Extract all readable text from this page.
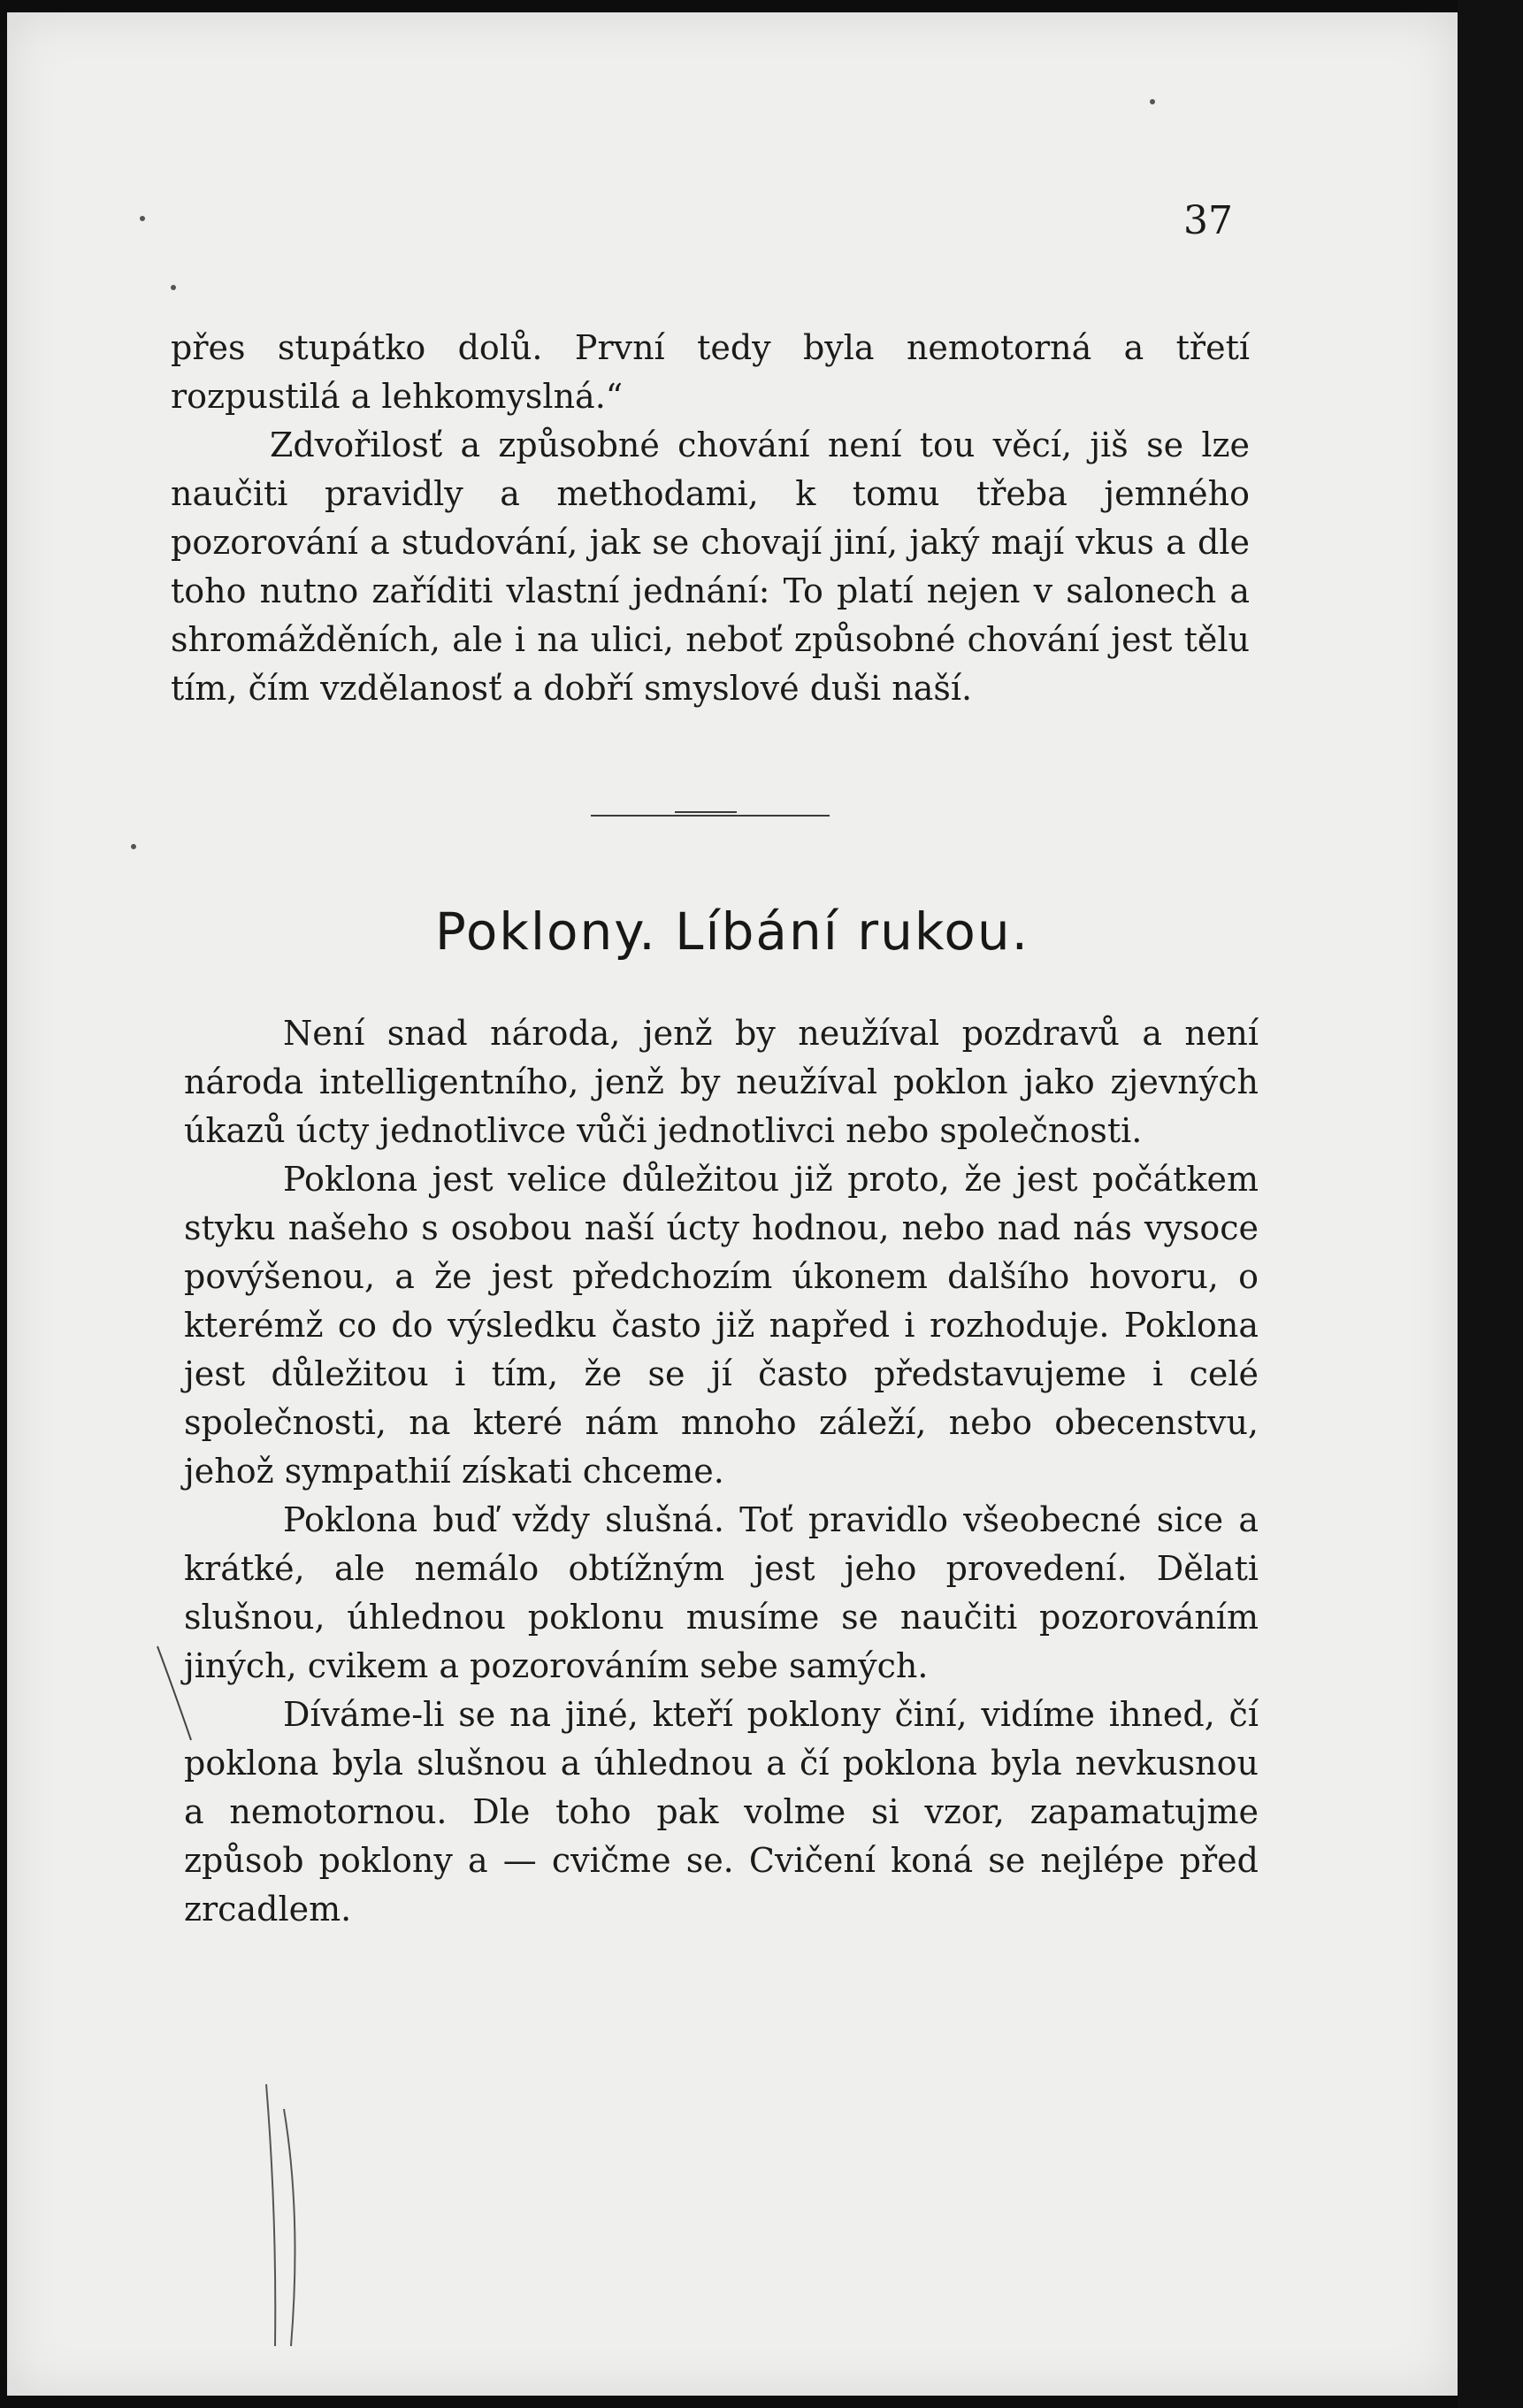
37

přes stupátko dolů. První tedy byla nemotorná a třetí rozpustilá a lehkomyslná.“

Zdvořilosť a způsobné chování není tou věcí, jiš se lze naučiti pravidly a methodami, k tomu třeba jemného pozorování a studování, jak se chovají jiní, jaký mají vkus a dle toho nutno zaříditi vlastní jednání: To platí nejen v salonech a shromážděních, ale i na ulici, neboť způsobné chování jest tělu tím, čím vzdělanosť a dobří smyslové duši naší.

Poklony. Líbání rukou.

Není snad národa, jenž by neužíval pozdravů a není národa intelligentního, jenž by neužíval poklon jako zjevných úkazů úcty jednotlivce vůči jednotlivci nebo společnosti.

Poklona jest velice důležitou již proto, že jest počátkem styku našeho s osobou naší úcty hodnou, nebo nad nás vysoce povýšenou, a že jest předchozím úkonem dalšího hovoru, o kterémž co do výsledku často již napřed i rozhoduje. Poklona jest důležitou i tím, že se jí často představujeme i celé společnosti, na které nám mnoho záleží, nebo obecenstvu, jehož sympathií získati chceme.

Poklona buď vždy slušná. Toť pravidlo všeobecné sice a krátké, ale nemálo obtížným jest jeho provedení. Dělati slušnou, úhlednou poklonu musíme se naučiti pozorováním jiných, cvikem a pozorováním sebe samých.

Díváme-li se na jiné, kteří poklony činí, vidíme ihned, čí poklona byla slušnou a úhlednou a čí poklona byla nevkusnou a nemotornou. Dle toho pak volme si vzor, zapamatujme způsob poklony a — cvičme se. Cvičení koná se nejlépe před zrcadlem.
